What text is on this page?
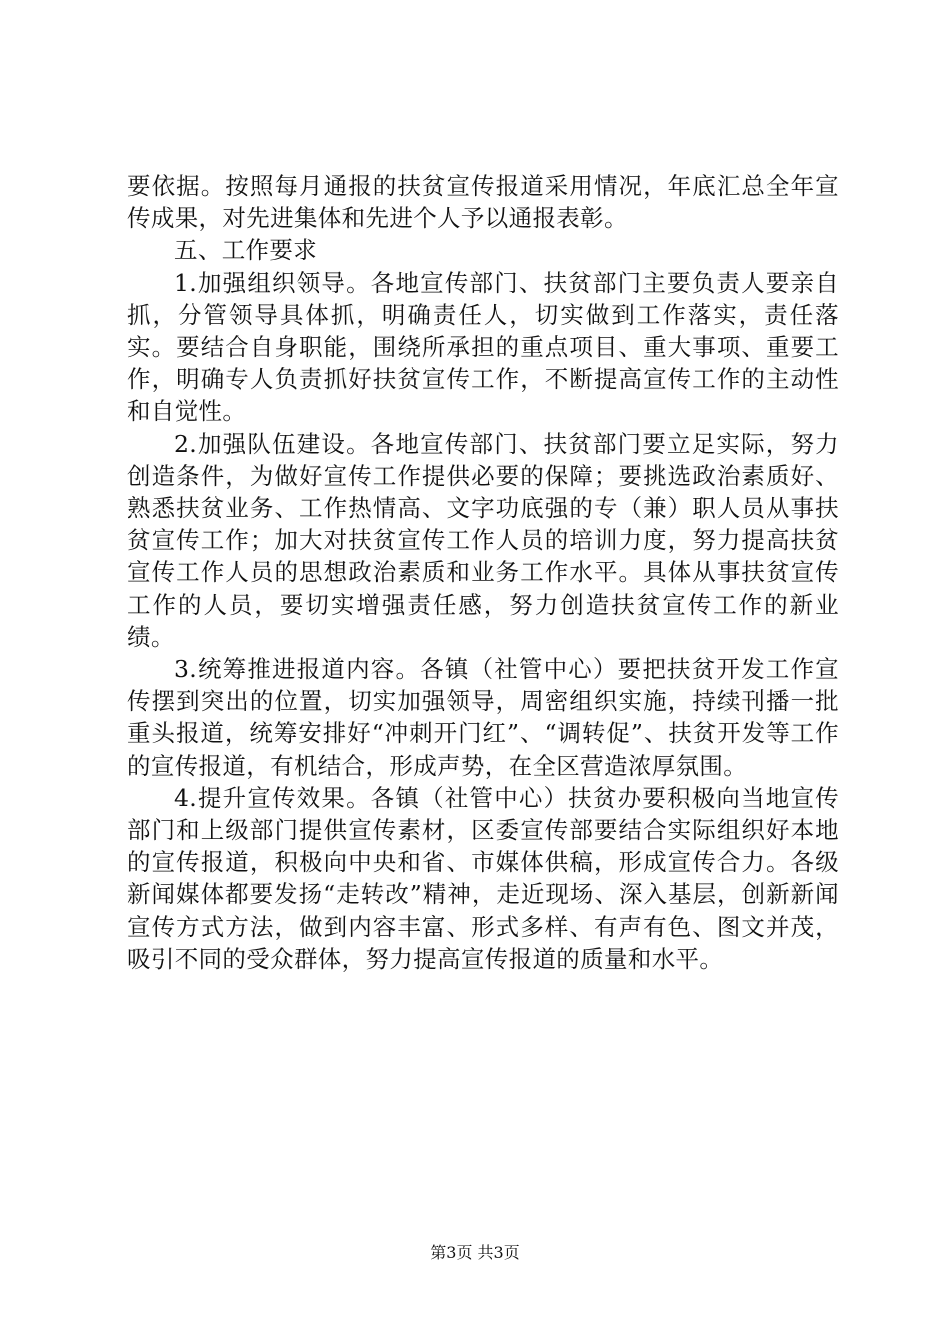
要依据。按照每月通报的扶贫宣传报道采用情况，年底汇总全年宣传成果，对先进集体和先进个人予以通报表彰。

五、工作要求

1.加强组织领导。各地宣传部门、扶贫部门主要负责人要亲自抓，分管领导具体抓，明确责任人，切实做到工作落实，责任落实。要结合自身职能，围绕所承担的重点项目、重大事项、重要工作，明确专人负责抓好扶贫宣传工作，不断提高宣传工作的主动性和自觉性。

2.加强队伍建设。各地宣传部门、扶贫部门要立足实际，努力创造条件，为做好宣传工作提供必要的保障；要挑选政治素质好、熟悉扶贫业务、工作热情高、文字功底强的专（兼）职人员从事扶贫宣传工作；加大对扶贫宣传工作人员的培训力度，努力提高扶贫宣传工作人员的思想政治素质和业务工作水平。具体从事扶贫宣传工作的人员，要切实增强责任感，努力创造扶贫宣传工作的新业绩。

3.统筹推进报道内容。各镇（社管中心）要把扶贫开发工作宣传摆到突出的位置，切实加强领导，周密组织实施，持续刊播一批重头报道，统筹安排好“冲刺开门红”、“调转促”、扶贫开发等工作的宣传报道，有机结合，形成声势，在全区营造浓厚氛围。

4.提升宣传效果。各镇（社管中心）扶贫办要积极向当地宣传部门和上级部门提供宣传素材，区委宣传部要结合实际组织好本地的宣传报道，积极向中央和省、市媒体供稿，形成宣传合力。各级新闻媒体都要发扬“走转改”精神，走近现场、深入基层，创新新闻宣传方式方法，做到内容丰富、形式多样、有声有色、图文并茂，吸引不同的受众群体，努力提高宣传报道的质量和水平。

第3页 共3页
